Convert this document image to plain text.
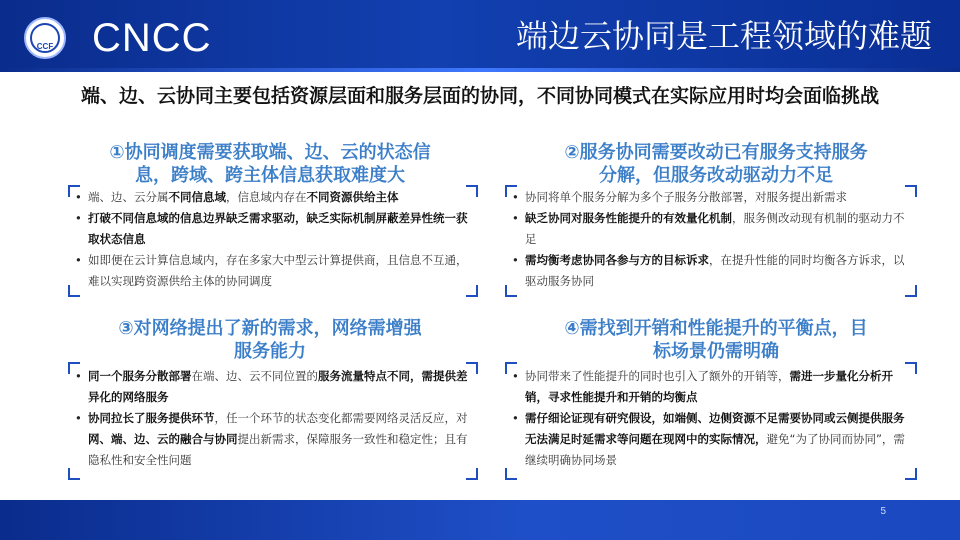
CCF CNCC	端边云协同是工程领域的难题
端、边、云协同主要包括资源层面和服务层面的协同，不同协同模式在实际应用时均会面临挑战
①协同调度需要获取端、边、云的状态信
息，跨域、跨主体信息获取难度大
• 端、边、云分属不同信息域，信息域内存在不同资源供给主体
• 打破不同信息域的信息边界缺乏需求驱动，缺乏实际机制屏蔽差异性统一获取状态信息
• 如即便在云计算信息域内，存在多家大中型云计算提供商，且信息不互通，难以实现跨资源供给主体的协同调度
②服务协同需要改动已有服务支持服务
分解，但服务改动驱动力不足
• 协同将单个服务分解为多个子服务分散部署，对服务提出新需求
• 缺乏协同对服务性能提升的有效量化机制，服务侧改动现有机制的驱动力不足
• 需均衡考虑协同各参与方的目标诉求，在提升性能的同时均衡各方诉求，以驱动服务协同
③对网络提出了新的需求，网络需增强
服务能力
• 同一个服务分散部署在端、边、云不同位置的服务流量特点不同，需提供差异化的网络服务
• 协同拉长了服务提供环节，任一个环节的状态变化都需要网络灵活反应，对网、端、边、云的融合与协同提出新需求，保障服务一致性和稳定性；且有隐私性和安全性问题
④需找到开销和性能提升的平衡点，目
标场景仍需明确
• 协同带来了性能提升的同时也引入了额外的开销等，需进一步量化分析开销，寻求性能提升和开销的均衡点
• 需仔细论证现有研究假设，如端侧、边侧资源不足需要协同或云侧提供服务无法满足时延需求等问题在现网中的实际情况，避免“为了协同而协同”，需继续明确协同场景
5
